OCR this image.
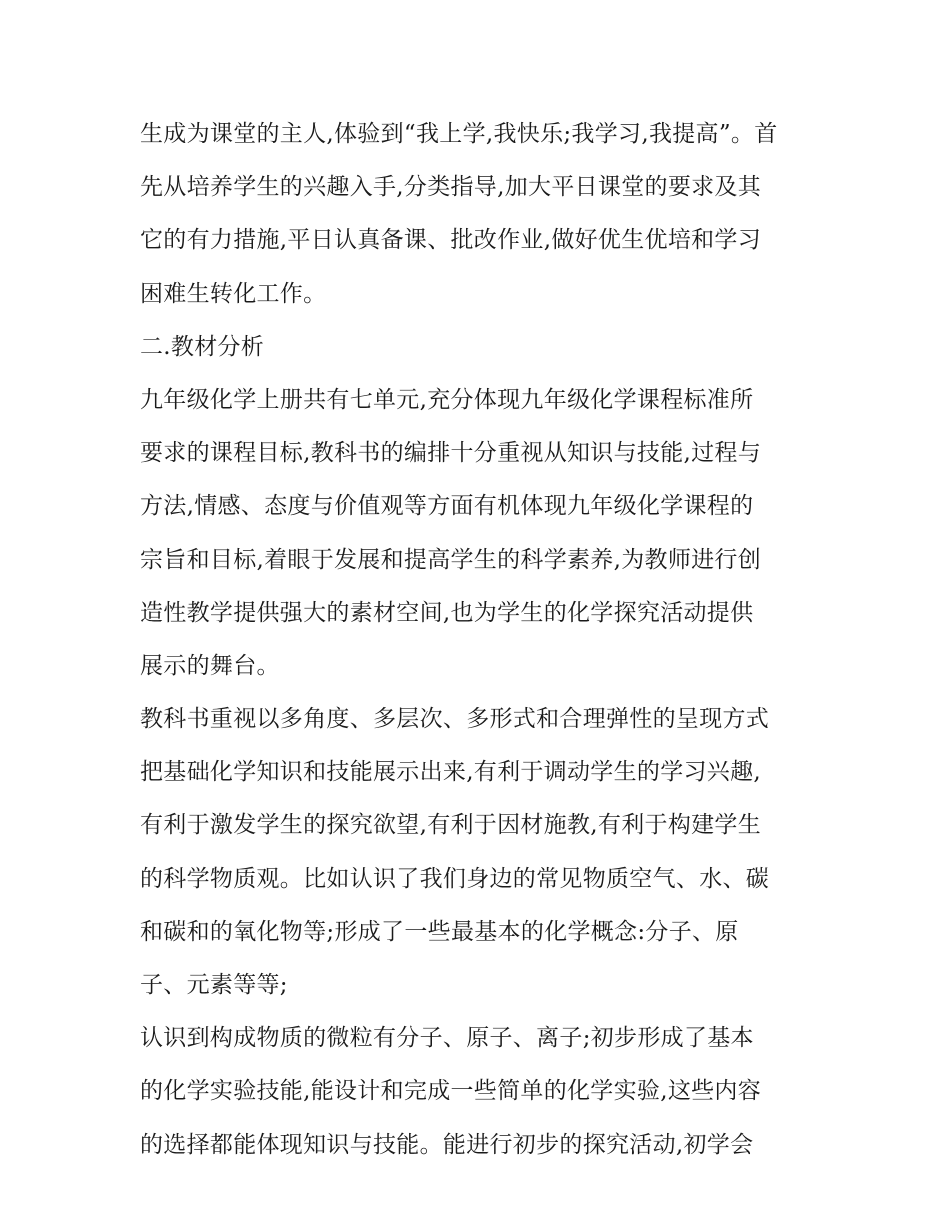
生成为课堂的主人,体验到“我上学,我快乐;我学习,我提高”。首
先从培养学生的兴趣入手,分类指导,加大平日课堂的要求及其
它的有力措施,平日认真备课、批改作业,做好优生优培和学习
困难生转化工作。
二.教材分析
九年级化学上册共有七单元,充分体现九年级化学课程标准所
要求的课程目标,教科书的编排十分重视从知识与技能,过程与
方法,情感、态度与价值观等方面有机体现九年级化学课程的
宗旨和目标,着眼于发展和提高学生的科学素养,为教师进行创
造性教学提供强大的素材空间,也为学生的化学探究活动提供
展示的舞台。
教科书重视以多角度、多层次、多形式和合理弹性的呈现方式
把基础化学知识和技能展示出来,有利于调动学生的学习兴趣,
有利于激发学生的探究欲望,有利于因材施教,有利于构建学生
的科学物质观。比如认识了我们身边的常见物质空气、水、碳
和碳和的氧化物等;形成了一些最基本的化学概念:分子、原
子、元素等等;
认识到构成物质的微粒有分子、原子、离子;初步形成了基本
的化学实验技能,能设计和完成一些简单的化学实验,这些内容
的选择都能体现知识与技能。能进行初步的探究活动,初学会
